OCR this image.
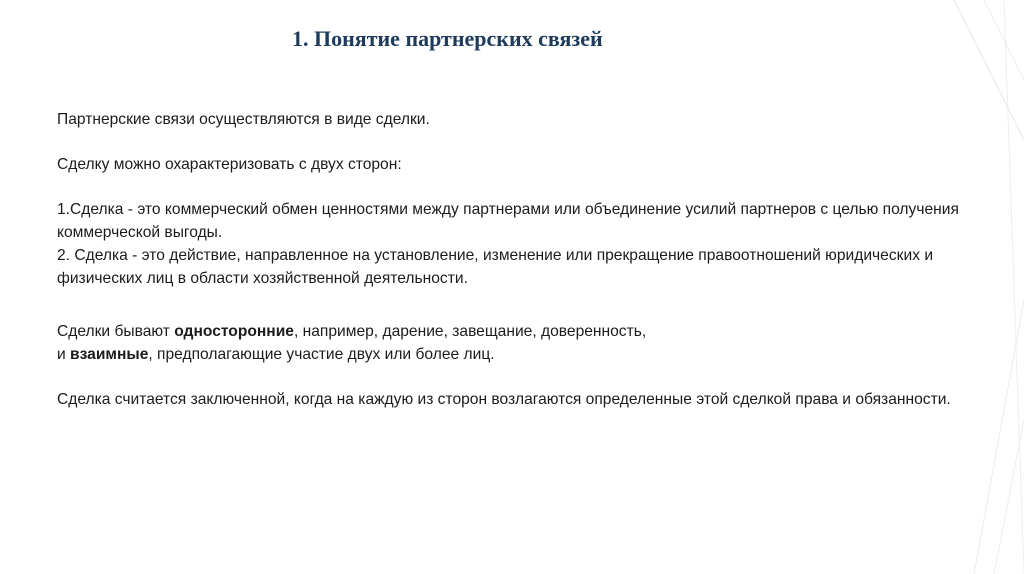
1. Понятие партнерских связей

Партнерские связи осуществляются в виде сделки.

Сделку можно охарактеризовать с двух сторон:

1.Сделка - это коммерческий обмен ценностями между партнерами или объединение усилий партнеров с целью получения коммерческой выгоды.

2. Сделка - это действие, направленное на установление, изменение или прекращение правоотношений юридических и физических лиц в области хозяйственной деятельности.

Сделки бывают односторонние, например, дарение, завещание, доверенность,
и взаимные, предполагающие участие двух или более лиц.

Сделка считается заключенной, когда на каждую из сторон возлагаются определенные этой сделкой права и обязанности.
